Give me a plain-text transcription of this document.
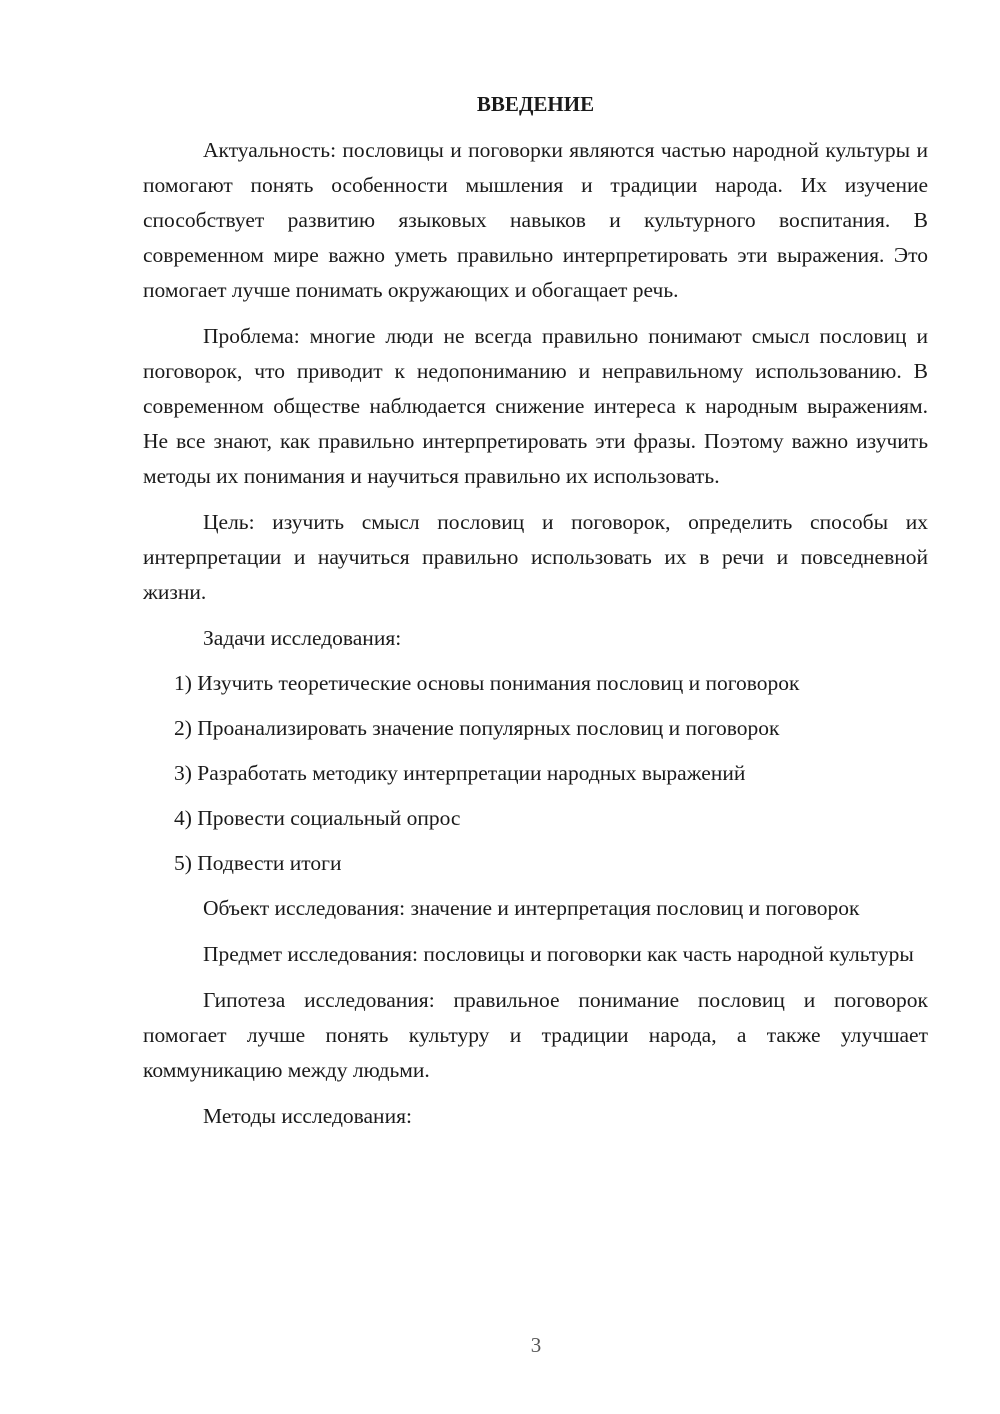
ВВЕДЕНИЕ

Актуальность: пословицы и поговорки являются частью народной культуры и помогают понять особенности мышления и традиции народа. Их изучение способствует развитию языковых навыков и культурного воспитания. В современном мире важно уметь правильно интерпретировать эти выражения. Это помогает лучше понимать окружающих и обогащает речь.

Проблема: многие люди не всегда правильно понимают смысл пословиц и поговорок, что приводит к недопониманию и неправильному использованию. В современном обществе наблюдается снижение интереса к народным выражениям. Не все знают, как правильно интерпретировать эти фразы. Поэтому важно изучить методы их понимания и научиться правильно их использовать.

Цель: изучить смысл пословиц и поговорок, определить способы их интерпретации и научиться правильно использовать их в речи и повседневной жизни.

Задачи исследования:

1) Изучить теоретические основы понимания пословиц и поговорок
2) Проанализировать значение популярных пословиц и поговорок
3) Разработать методику интерпретации народных выражений
4) Провести социальный опрос
5) Подвести итоги

Объект исследования: значение и интерпретация пословиц и поговорок

Предмет исследования: пословицы и поговорки как часть народной культуры

Гипотеза исследования: правильное понимание пословиц и поговорок помогает лучше понять культуру и традиции народа, а также улучшает коммуникацию между людьми.

Методы исследования:

3
